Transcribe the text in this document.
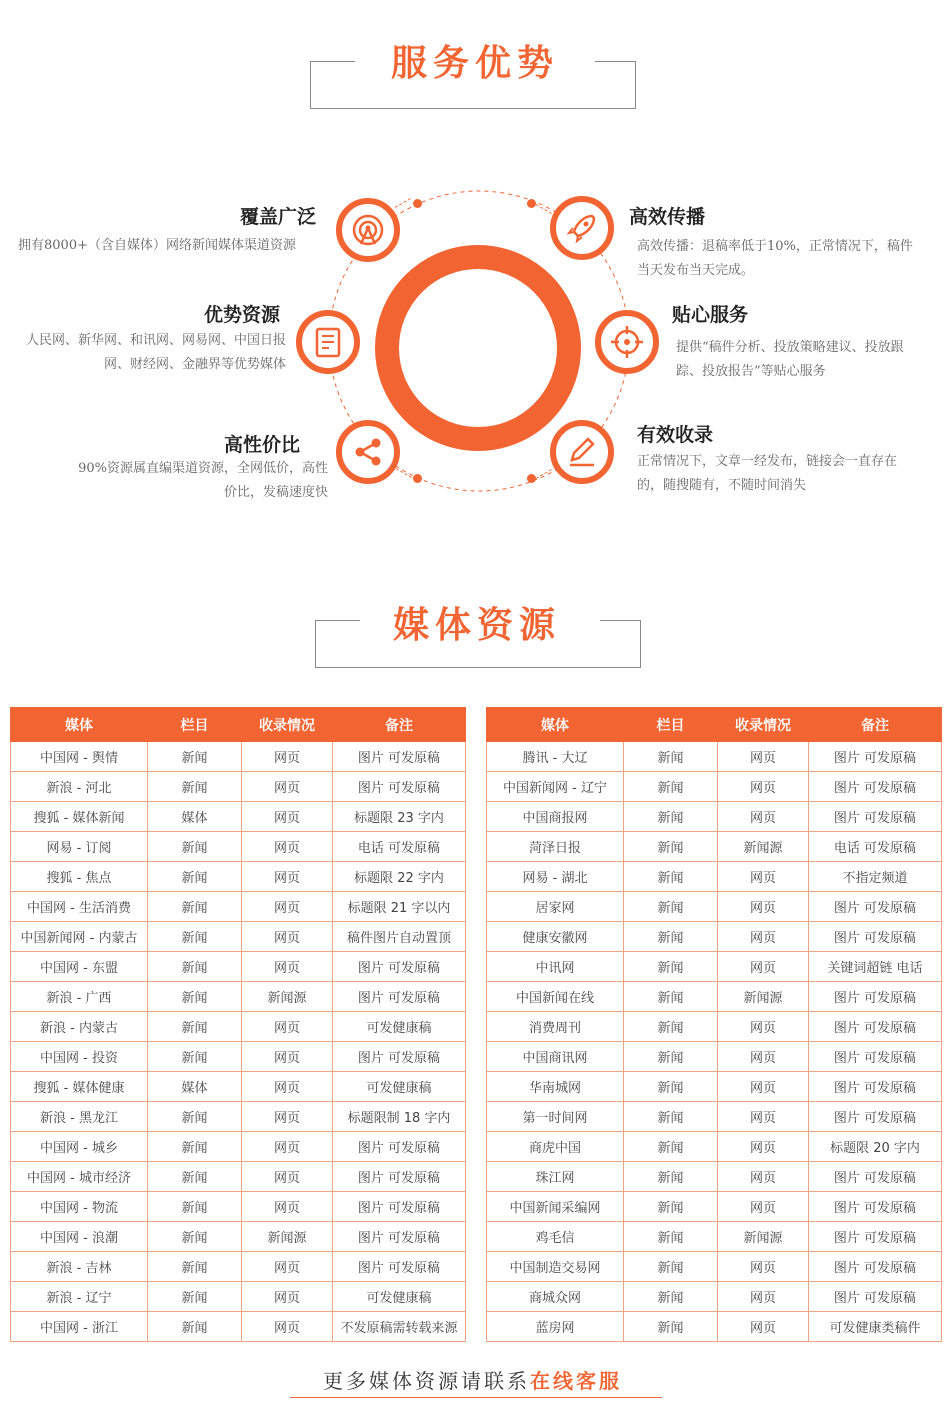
服务优势
覆盖广泛
拥有8000+（含自媒体）网络新闻媒体渠道资源
优势资源
人民网、新华网、和讯网、网易网、中国日报网、财经网、金融界等优势媒体
高性价比
90%资源属直编渠道资源，全网低价，高性价比，发稿速度快
高效传播
高效传播：退稿率低于10%，正常情况下，稿件当天发布当天完成。
贴心服务
提供“稿件分析、投放策略建议、投放跟踪、投放报告”等贴心服务
有效收录
正常情况下，文章一经发布，链接会一直存在的，随搜随有，不随时间消失
媒体资源
媒体	栏目	收录情况	备注
中国网 - 舆情	新闻	网页	图片 可发原稿
新浪 - 河北	新闻	网页	图片 可发原稿
搜狐 - 媒体新闻	媒体	网页	标题限 23 字内
网易 - 订阅	新闻	网页	电话 可发原稿
搜狐 - 焦点	新闻	网页	标题限 22 字内
中国网 - 生活消费	新闻	网页	标题限 21 字以内
中国新闻网 - 内蒙古	新闻	网页	稿件图片自动置顶
中国网 - 东盟	新闻	网页	图片 可发原稿
新浪 - 广西	新闻	新闻源	图片 可发原稿
新浪 - 内蒙古	新闻	网页	可发健康稿
中国网 - 投资	新闻	网页	图片 可发原稿
搜狐 - 媒体健康	媒体	网页	可发健康稿
新浪 - 黑龙江	新闻	网页	标题限制 18 字内
中国网 - 城乡	新闻	网页	图片 可发原稿
中国网 - 城市经济	新闻	网页	图片 可发原稿
中国网 - 物流	新闻	网页	图片 可发原稿
中国网 - 浪潮	新闻	新闻源	图片 可发原稿
新浪 - 吉林	新闻	网页	图片 可发原稿
新浪 - 辽宁	新闻	网页	可发健康稿
中国网 - 浙江	新闻	网页	不发原稿需转载来源
媒体	栏目	收录情况	备注
腾讯 - 大辽	新闻	网页	图片 可发原稿
中国新闻网 - 辽宁	新闻	网页	图片 可发原稿
中国商报网	新闻	网页	图片 可发原稿
菏泽日报	新闻	新闻源	电话 可发原稿
网易 - 湖北	新闻	网页	不指定频道
居家网	新闻	网页	图片 可发原稿
健康安徽网	新闻	网页	图片 可发原稿
中讯网	新闻	网页	关键词超链 电话
中国新闻在线	新闻	新闻源	图片 可发原稿
消费周刊	新闻	网页	图片 可发原稿
中国商讯网	新闻	网页	图片 可发原稿
华南城网	新闻	网页	图片 可发原稿
第一时间网	新闻	网页	图片 可发原稿
商虎中国	新闻	网页	标题限 20 字内
珠江网	新闻	网页	图片 可发原稿
中国新闻采编网	新闻	网页	图片 可发原稿
鸡毛信	新闻	新闻源	图片 可发原稿
中国制造交易网	新闻	网页	图片 可发原稿
商城众网	新闻	网页	图片 可发原稿
蓝房网	新闻	网页	可发健康类稿件
更多媒体资源请联系在线客服
